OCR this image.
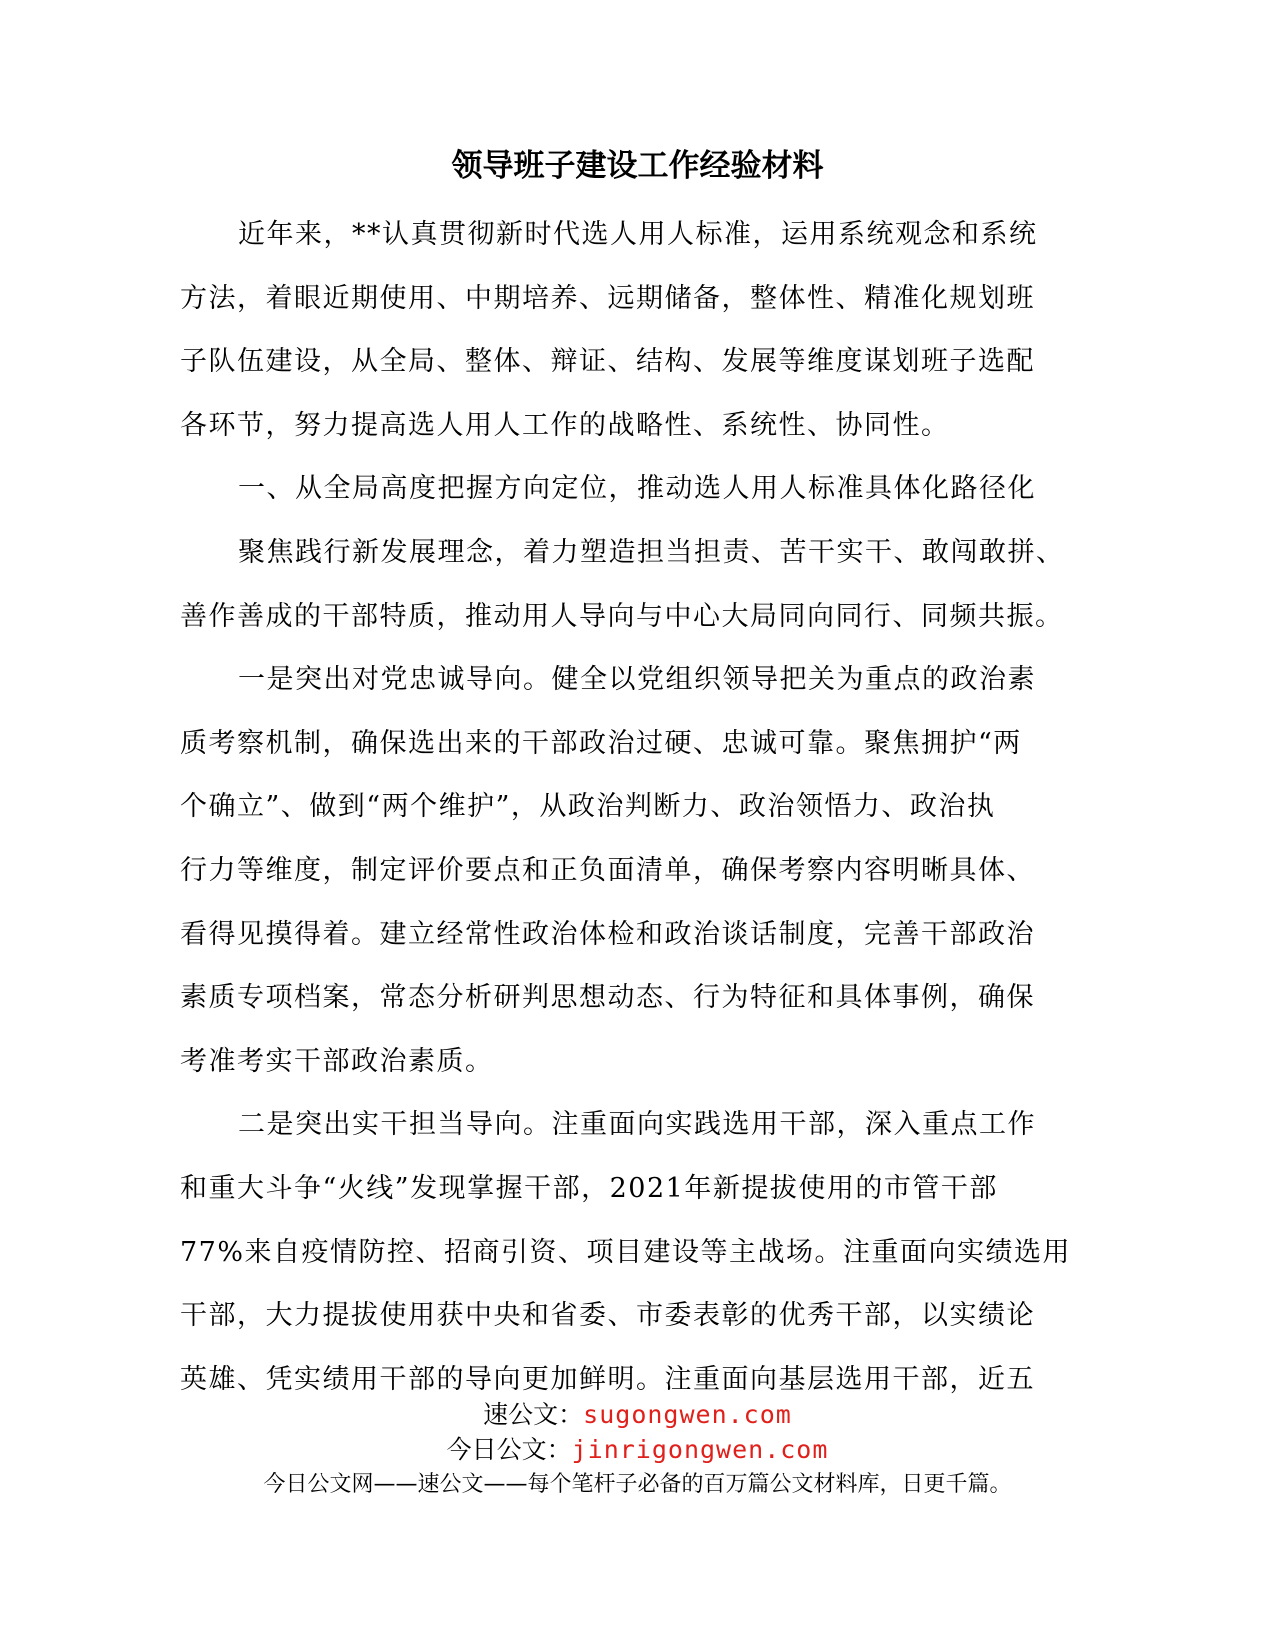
领导班子建设工作经验材料
近年来，**认真贯彻新时代选人用人标准，运用系统观念和系统
方法，着眼近期使用、中期培养、远期储备，整体性、精准化规划班
子队伍建设，从全局、整体、辩证、结构、发展等维度谋划班子选配
各环节，努力提高选人用人工作的战略性、系统性、协同性。
一、从全局高度把握方向定位，推动选人用人标准具体化路径化
聚焦践行新发展理念，着力塑造担当担责、苦干实干、敢闯敢拼、
善作善成的干部特质，推动用人导向与中心大局同向同行、同频共振。
一是突出对党忠诚导向。健全以党组织领导把关为重点的政治素
质考察机制，确保选出来的干部政治过硬、忠诚可靠。聚焦拥护“两
个确立”、做到“两个维护”，从政治判断力、政治领悟力、政治执
行力等维度，制定评价要点和正负面清单，确保考察内容明晰具体、
看得见摸得着。建立经常性政治体检和政治谈话制度，完善干部政治
素质专项档案，常态分析研判思想动态、行为特征和具体事例，确保
考准考实干部政治素质。
二是突出实干担当导向。注重面向实践选用干部，深入重点工作
和重大斗争“火线”发现掌握干部，2021年新提拔使用的市管干部
77%来自疫情防控、招商引资、项目建设等主战场。注重面向实绩选用
干部，大力提拔使用获中央和省委、市委表彰的优秀干部，以实绩论
英雄、凭实绩用干部的导向更加鲜明。注重面向基层选用干部，近五
速公文：sugongwen.com
今日公文：jinrigongwen.com
今日公文网——速公文——每个笔杆子必备的百万篇公文材料库，日更千篇。
